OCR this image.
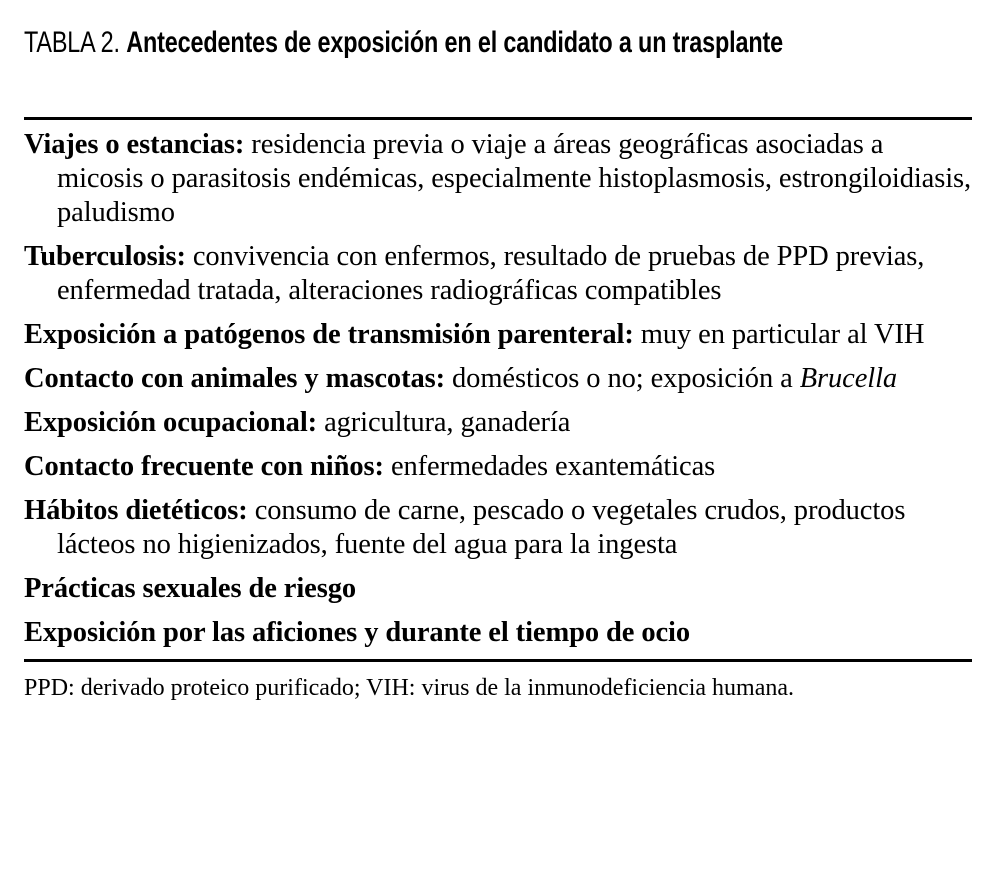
TABLA 2. Antecedentes de exposición en el candidato a un trasplante
Viajes o estancias: residencia previa o viaje a áreas geográficas asociadas a micosis o parasitosis endémicas, especialmente histoplasmosis, estrongiloidiasis, paludismo
Tuberculosis: convivencia con enfermos, resultado de pruebas de PPD previas, enfermedad tratada, alteraciones radiográficas compatibles
Exposición a patógenos de transmisión parenteral: muy en particular al VIH
Contacto con animales y mascotas: domésticos o no; exposición a Brucella
Exposición ocupacional: agricultura, ganadería
Contacto frecuente con niños: enfermedades exantemáticas
Hábitos dietéticos: consumo de carne, pescado o vegetales crudos, productos lácteos no higienizados, fuente del agua para la ingesta
Prácticas sexuales de riesgo
Exposición por las aficiones y durante el tiempo de ocio
PPD: derivado proteico purificado; VIH: virus de la inmunodeficiencia humana.
